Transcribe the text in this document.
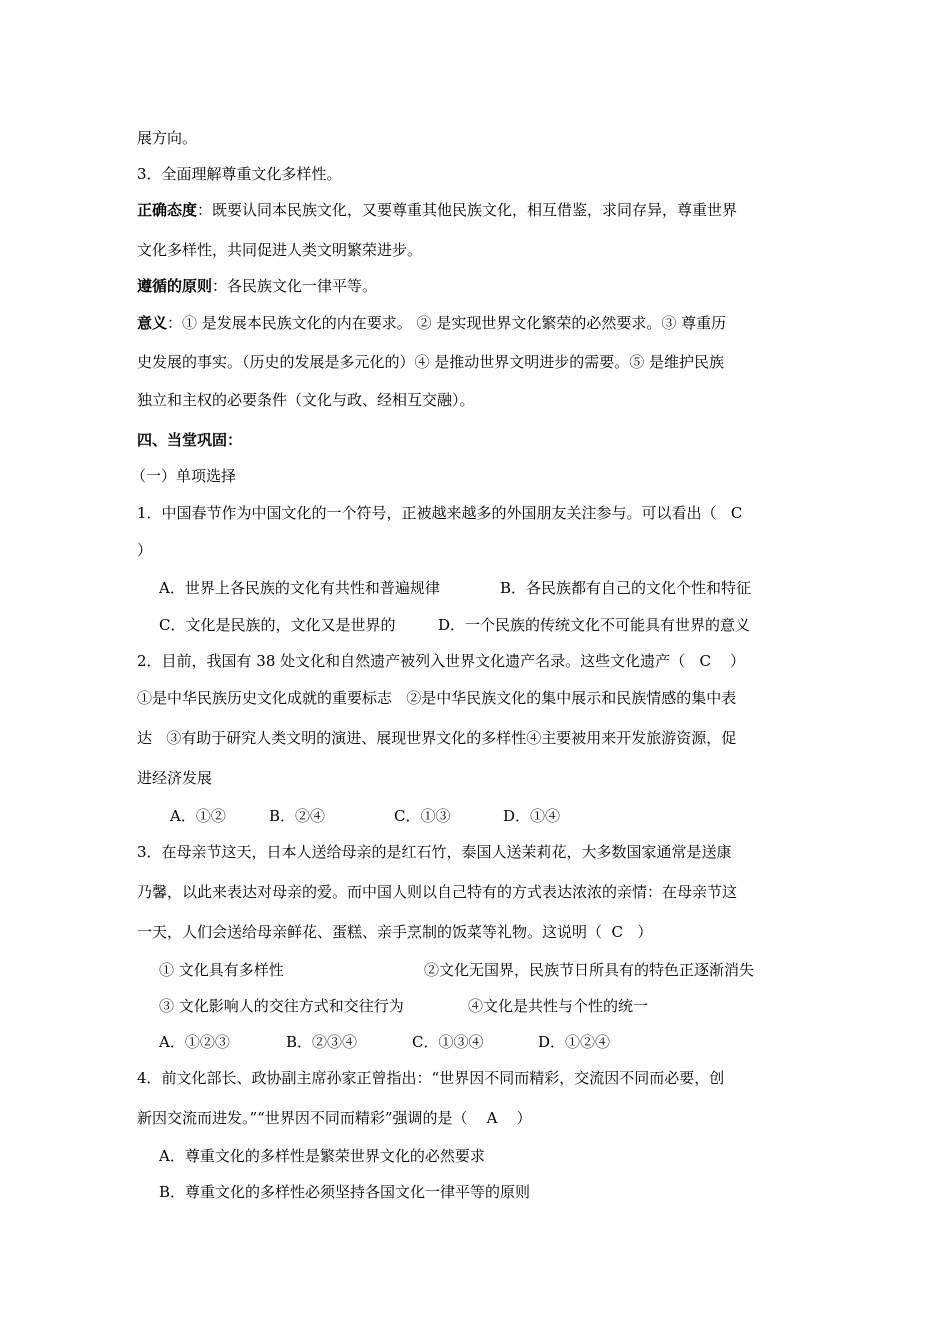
展方向。
3．全面理解尊重文化多样性。
正确态度：既要认同本民族文化，又要尊重其他民族文化，相互借鉴，求同存异，尊重世界
文化多样性，共同促进人类文明繁荣进步。
遵循的原则：各民族文化一律平等。
意义：① 是发展本民族文化的内在要求。 ② 是实现世界文化繁荣的必然要求。③ 尊重历
史发展的事实。（历史的发展是多元化的）④ 是推动世界文明进步的需要。⑤ 是维护民族
独立和主权的必要条件（文化与政、经相互交融）。
四、当堂巩固：
（一）单项选择
1．中国春节作为中国文化的一个符号，正被越来越多的外国朋友关注参与。可以看出（   C
）
A．世界上各民族的文化有共性和普遍规律	B．各民族都有自己的文化个性和特征
C．文化是民族的，文化又是世界的	D．一个民族的传统文化不可能具有世界的意义
2．目前，我国有 38 处文化和自然遗产被列入世界文化遗产名录。这些文化遗产（   C    ）
①是中华民族历史文化成就的重要标志   ②是中华民族文化的集中展示和民族情感的集中表
达   ③有助于研究人类文明的演进、展现世界文化的多样性④主要被用来开发旅游资源，促
进经济发展
A．①②	B．②④	C．①③	D．①④
3．在母亲节这天，日本人送给母亲的是红石竹，泰国人送茉莉花，大多数国家通常是送康
乃馨，以此来表达对母亲的爱。而中国人则以自己特有的方式表达浓浓的亲情：在母亲节这
一天，人们会送给母亲鲜花、蛋糕、亲手烹制的饭菜等礼物。这说明（  C   ）
① 文化具有多样性	②文化无国界，民族节日所具有的特色正逐渐消失
③ 文化影响人的交往方式和交往行为	④文化是共性与个性的统一
A．①②③	B．②③④	C．①③④	D．①②④
4．前文化部长、政协副主席孙家正曾指出：“世界因不同而精彩，交流因不同而必要，创
新因交流而进发。”“世界因不同而精彩”强调的是（    A    ）
A．尊重文化的多样性是繁荣世界文化的必然要求
B．尊重文化的多样性必须坚持各国文化一律平等的原则
